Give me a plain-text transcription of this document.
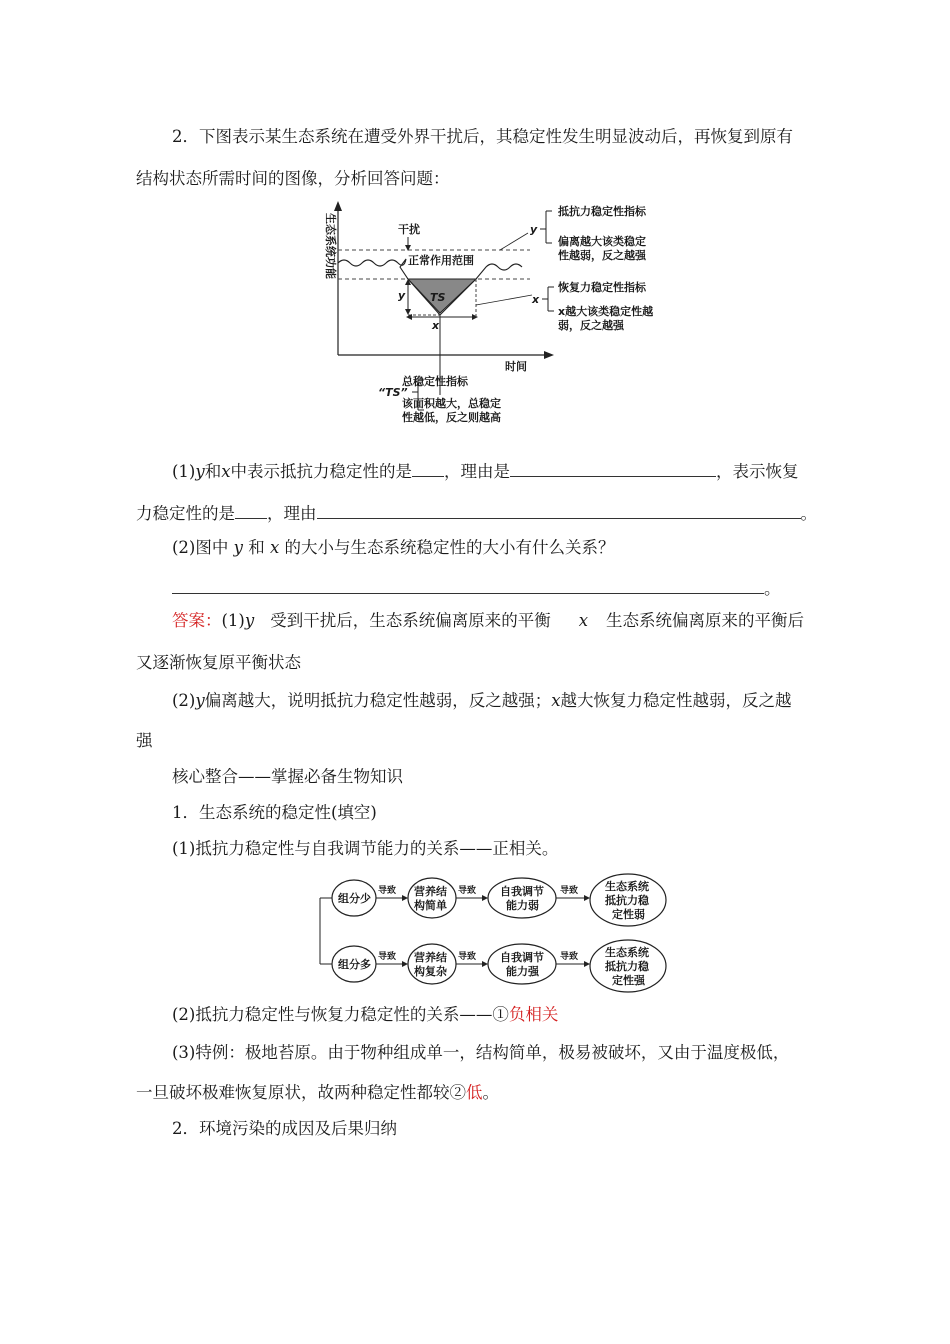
2．下图表示某生态系统在遭受外界干扰后，其稳定性发生明显波动后，再恢复到原有
结构状态所需时间的图像，分析回答问题：
生态系统功能
时间
TS
干扰
正常作用范围
y
x
y
抵抗力稳定性指标
偏离越大该类稳定
性越弱，反之越强
x
恢复力稳定性指标
x越大该类稳定性越
弱，反之越强
“TS”
总稳定性指标
该面积越大，总稳定
性越低，反之则越高
(1)y和x中表示抵抗力稳定性的是 ，理由是	，表示恢复
力稳定性的是 ，理由	。
(2)图中 y 和 x 的大小与生态系统稳定性的大小有什么关系？
。
答案：(1)y 受到干扰后，生态系统偏离原来的平衡 x 生态系统偏离原来的平衡后
又逐渐恢复原平衡状态
(2)y偏离越大，说明抵抗力稳定性越弱，反之越强；x越大恢复力稳定性越弱，反之越
强
核心整合——掌握必备生物知识
1．生态系统的稳定性(填空)
(1)抵抗力稳定性与自我调节能力的关系——正相关。
组分少
导致 营养结
构简单
导致 自我调节
能力弱
导致 生态系统
抵抗力稳
定性弱
组分多
导致 营养结
构复杂
导致 自我调节
能力强
导致 生态系统
抵抗力稳
定性强
(2)抵抗力稳定性与恢复力稳定性的关系——①负相关
(3)特例：极地苔原。由于物种组成单一，结构简单，极易被破坏，又由于温度极低，
一旦破坏极难恢复原状，故两种稳定性都较②低。
2．环境污染的成因及后果归纳
